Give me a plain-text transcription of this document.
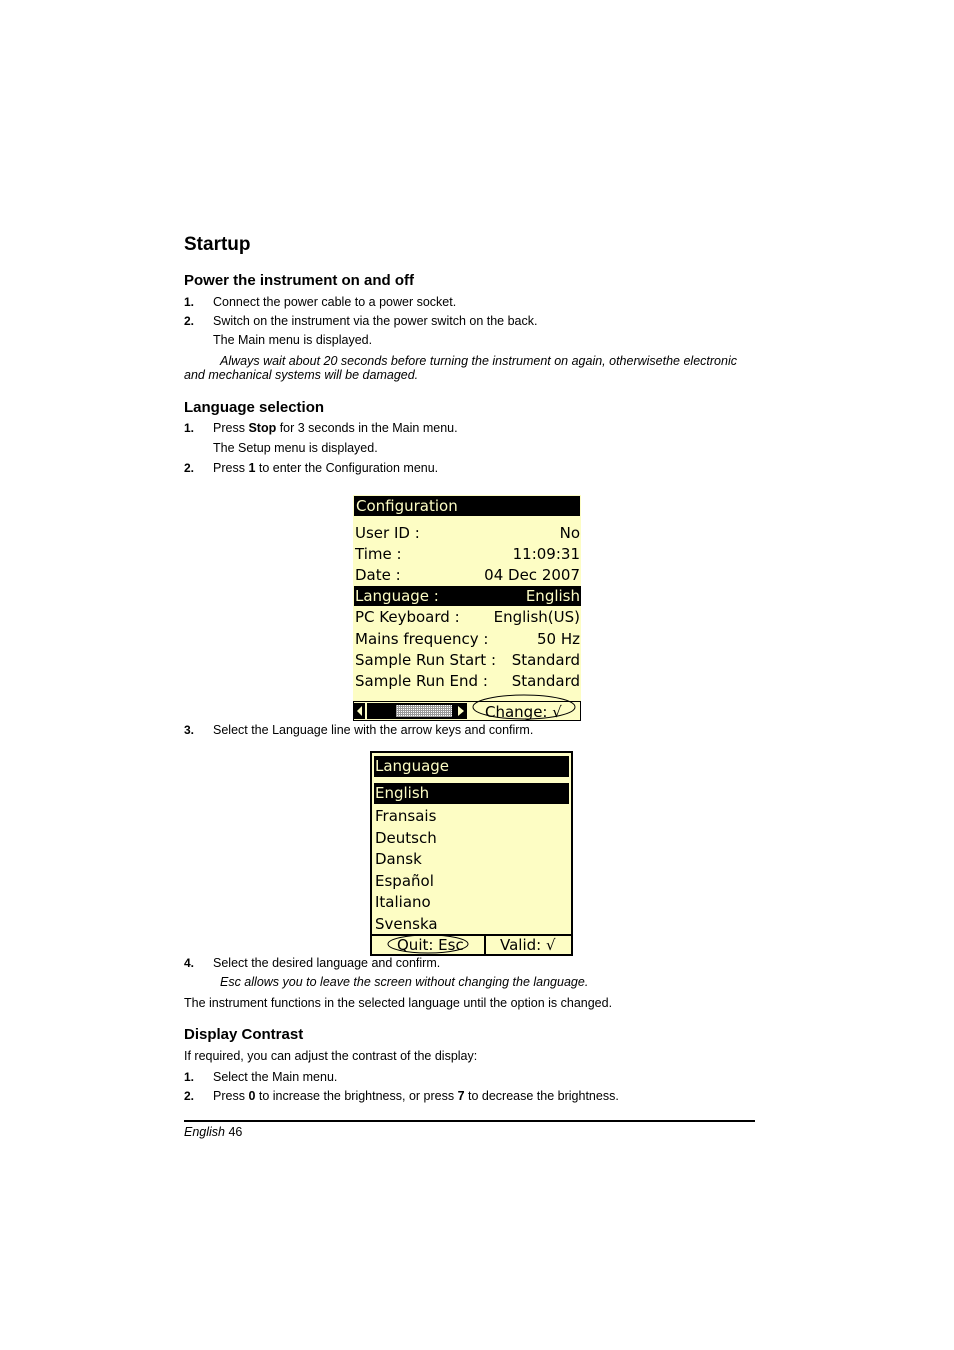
Startup
Power the instrument on and off
1. Connect the power cable to a power socket.
2. Switch on the instrument via the power switch on the back.
The Main menu is displayed.
Always wait about 20 seconds before turning the instrument on again, otherwisethe electronic
and mechanical systems will be damaged.
Language selection
1. Press Stop for 3 seconds in the Main menu.
The Setup menu is displayed.
2. Press 1 to enter the Configuration menu.
Configuration
User ID :	No
Time :	11:09:31
Date :	04 Dec 2007
Language :	English
PC Keyboard : English(US)
Mains frequency :	50 Hz
Sample Run Start : Standard
Sample Run End : Standard
Change: √
3. Select the Language line with the arrow keys and confirm.
Language
English
Fransais
Deutsch
Dansk
Español
Italiano
Svenska
Quit: Esc Valid: √
4. Select the desired language and confirm.
Esc allows you to leave the screen without changing the language.
The instrument functions in the selected language until the option is changed.
Display Contrast
If required, you can adjust the contrast of the display:
1. Select the Main menu.
2. Press 0 to increase the brightness, or press 7 to decrease the brightness.
English 46
